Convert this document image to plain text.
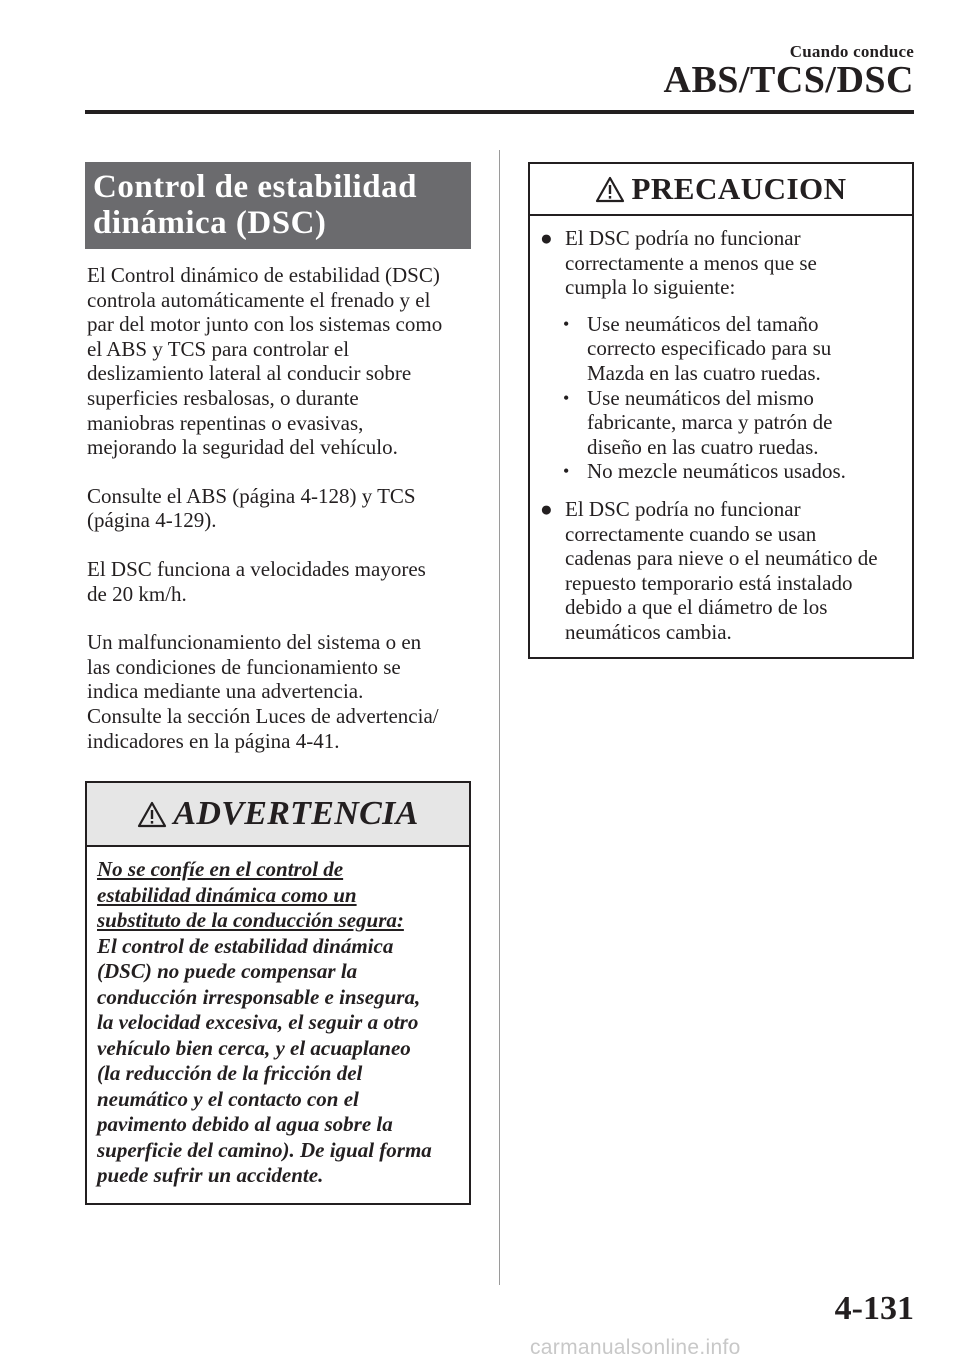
Cuando conduce
ABS/TCS/DSC
Control de estabilidad
dinámica (DSC)
El Control dinámico de estabilidad (DSC)
controla automáticamente el frenado y el
par del motor junto con los sistemas como
el ABS y TCS para controlar el
deslizamiento lateral al conducir sobre
superficies resbalosas, o durante
maniobras repentinas o evasivas,
mejorando la seguridad del vehículo.
Consulte el ABS (página 4-128) y TCS
(página 4-129).
El DSC funciona a velocidades mayores
de 20 km/h.
Un malfuncionamiento del sistema o en
las condiciones de funcionamiento se
indica mediante una advertencia.
Consulte la sección Luces de advertencia/
indicadores en la página 4-41.
ADVERTENCIA
No se confíe en el control de
estabilidad dinámica como un
substituto de la conducción segura:
El control de estabilidad dinámica
(DSC) no puede compensar la
conducción irresponsable e insegura,
la velocidad excesiva, el seguir a otro
vehículo bien cerca, y el acuaplaneo
(la reducción de la fricción del
neumático y el contacto con el
pavimento debido al agua sobre la
superficie del camino). De igual forma
puede sufrir un accidente.
PRECAUCION
● El DSC podría no funcionar
correctamente a menos que se
cumpla lo siguiente:
• Use neumáticos del tamaño
correcto especificado para su
Mazda en las cuatro ruedas.
• Use neumáticos del mismo
fabricante, marca y patrón de
diseño en las cuatro ruedas.
• No mezcle neumáticos usados.
● El DSC podría no funcionar
correctamente cuando se usan
cadenas para nieve o el neumático de
repuesto temporario está instalado
debido a que el diámetro de los
neumáticos cambia.
4-131
carmanualsonline.info
